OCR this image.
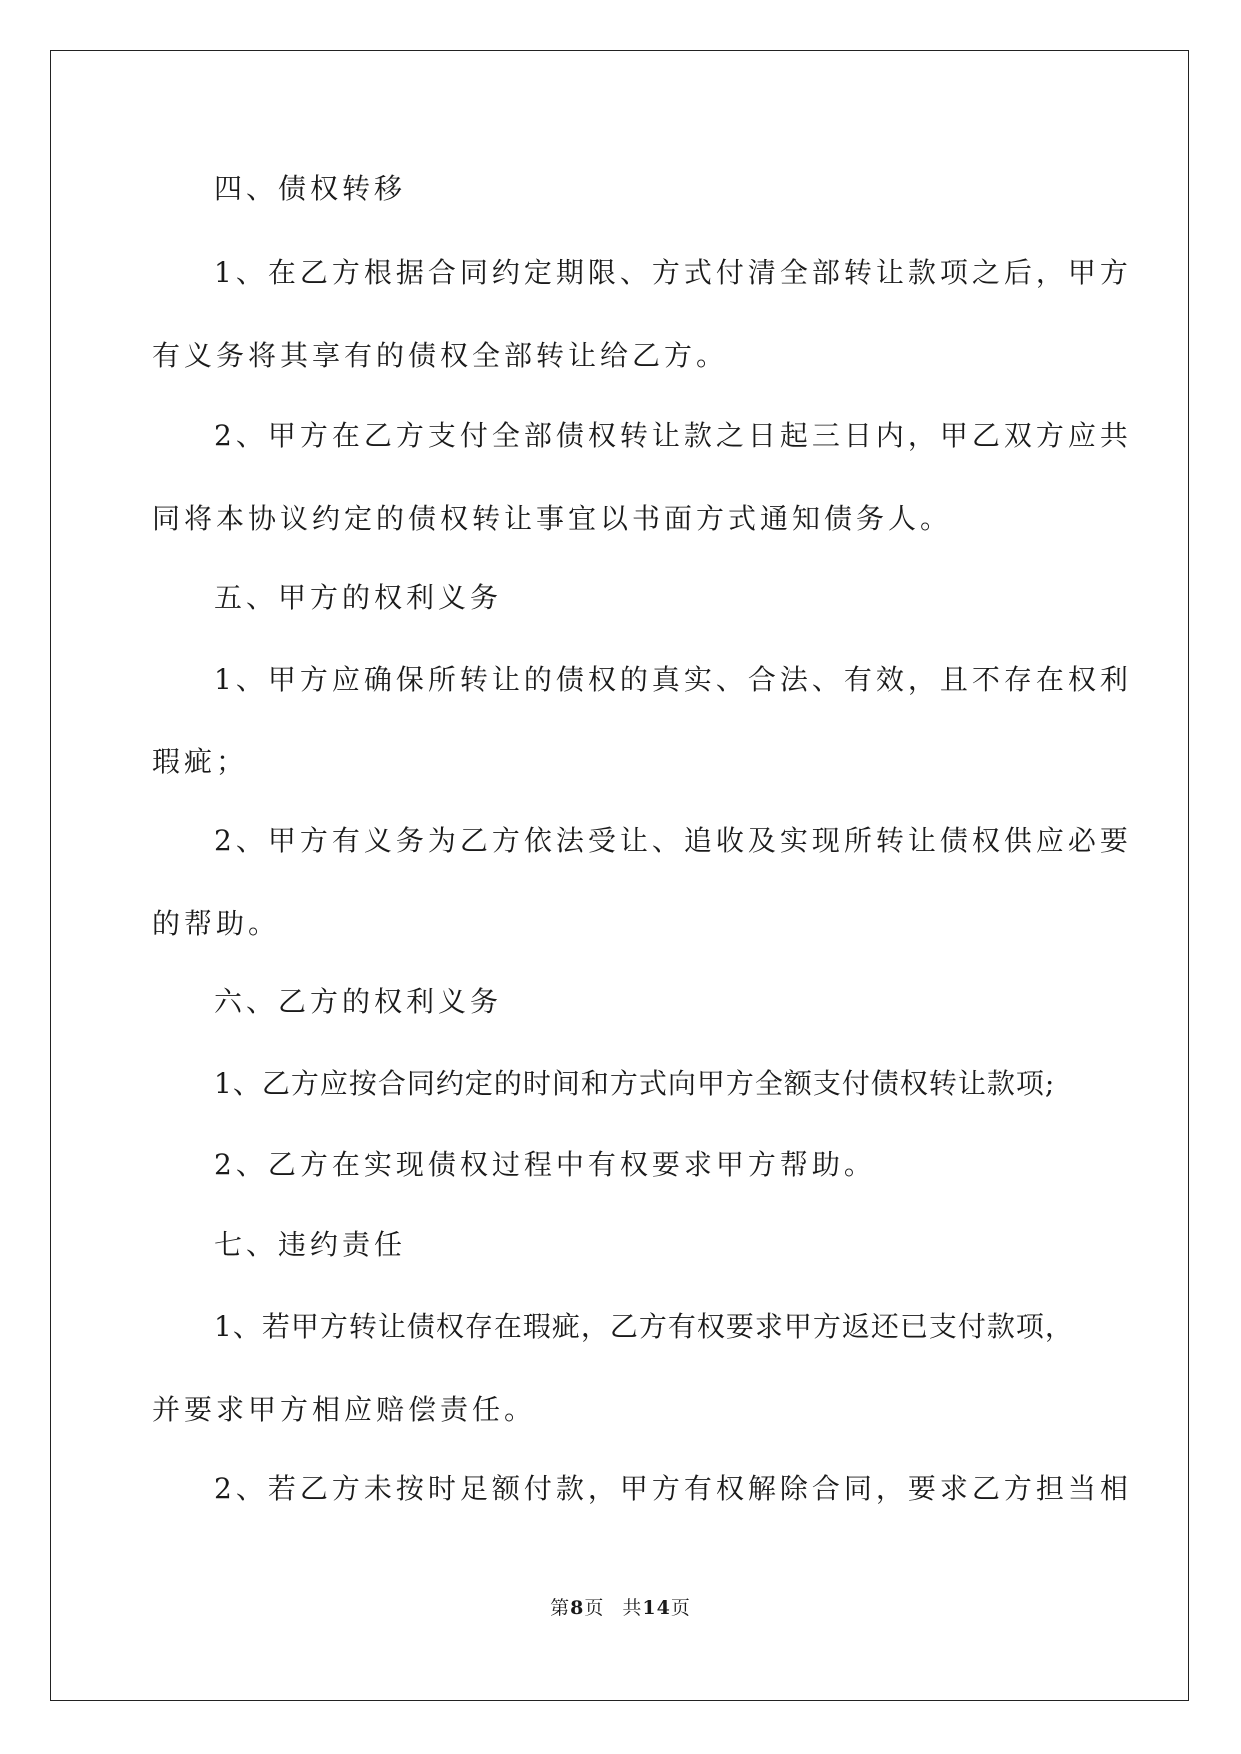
四、债权转移
1、在乙方根据合同约定期限、方式付清全部转让款项之后，甲方
有义务将其享有的债权全部转让给乙方。
2、甲方在乙方支付全部债权转让款之日起三日内，甲乙双方应共
同将本协议约定的债权转让事宜以书面方式通知债务人。
五、甲方的权利义务
1、甲方应确保所转让的债权的真实、合法、有效，且不存在权利
瑕疵；
2、甲方有义务为乙方依法受让、追收及实现所转让债权供应必要
的帮助。
六、乙方的权利义务
1、乙方应按合同约定的时间和方式向甲方全额支付债权转让款项;
2、乙方在实现债权过程中有权要求甲方帮助。
七、违约责任
1、若甲方转让债权存在瑕疵，乙方有权要求甲方返还已支付款项，
并要求甲方相应赔偿责任。
2、若乙方未按时足额付款，甲方有权解除合同，要求乙方担当相
第8页 共14页
